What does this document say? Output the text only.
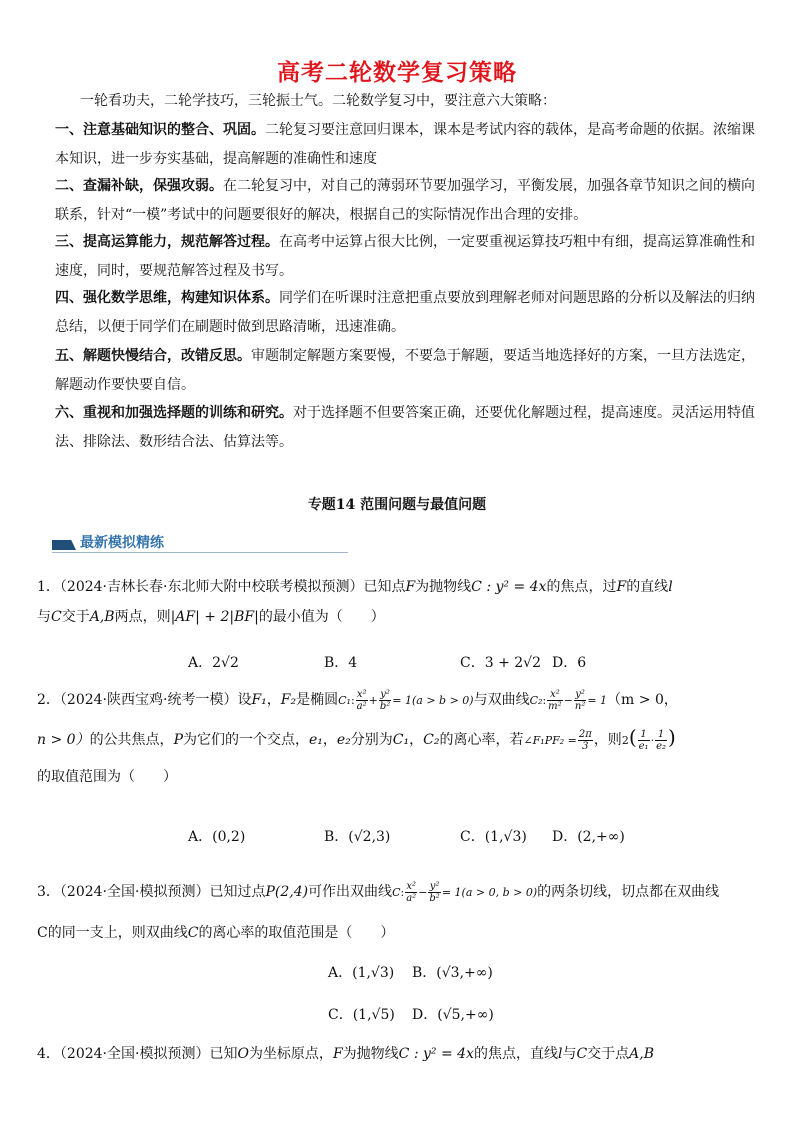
高考二轮数学复习策略
一轮看功夫，二轮学技巧，三轮振士气。二轮数学复习中，要注意六大策略：
一、注意基础知识的整合、巩固。二轮复习要注意回归课本，课本是考试内容的载体，是高考命题的依据。浓缩课本知识，进一步夯实基础，提高解题的准确性和速度
二、查漏补缺，保强攻弱。在二轮复习中，对自己的薄弱环节要加强学习，平衡发展，加强各章节知识之间的横向联系，针对“一模”考试中的问题要很好的解决，根据自己的实际情况作出合理的安排。
三、提高运算能力，规范解答过程。在高考中运算占很大比例，一定要重视运算技巧粗中有细，提高运算准确性和速度，同时，要规范解答过程及书写。
四、强化数学思维，构建知识体系。同学们在听课时注意把重点要放到理解老师对问题思路的分析以及解法的归纳总结，以便于同学们在刷题时做到思路清晰，迅速准确。
五、解题快慢结合，改错反思。审题制定解题方案要慢，不要急于解题，要适当地选择好的方案，一旦方法选定，解题动作要快要自信。
六、重视和加强选择题的训练和研究。对于选择题不但要答案正确，还要优化解题过程，提高速度。灵活运用特值法、排除法、数形结合法、估算法等。
专题14 范围问题与最值问题
最新模拟精练
1．（2024·吉林长春·东北师大附中校联考模拟预测）已知点F为抛物线C : y² = 4x的焦点，过F的直线l
与C交于A,B两点，则|AF| + 2|BF|的最小值为（　　）
A．2√2	B．4	C．3 + 2√2 D．6
2．（2024·陕西宝鸡·统考一模）设F₁，F₂是椭圆C₁: $\frac{\text{x²}}{\text{a²}} + \frac{\text{y²}}{\text{b²}} = 1(a > b > 0)$与双曲线C₂: $\frac{\text{x²}}{\text{m²}} - \frac{\text{y²}}{\text{n²}} = 1(m > 0$，
n > 0）的公共焦点，P为它们的一个交点，e₁，e₂分别为C₁，C₂的离心率，若∠F₁PF₂ = $\frac{2\pi}{3}$ ，则$2( \frac{1}{\text{e₁}} \cdot \frac{1}{\text{e₂}}$ )
的取值范围为（　　）
A．(0,2)	B．(√2,3)	C．(1,√3) D．(2,+∞)
3．（2024·全国·模拟预测）已知过点P(2,4)可作出双曲线C: $\frac{\text{x²}}{\text{a²}} - \frac{\text{y²}}{\text{b²}} = 1(a > 0$, b > 0)的两条切线，切点都在双曲线
C的同一支上，则双曲线C的离心率的取值范围是（　　）
A．(1,√3) B．(√3,+∞)
C．(1,√5) D．(√5,+∞)
4．（2024·全国·模拟预测）已知O为坐标原点，F为抛物线C : y² = 4x的焦点，直线l与C交于点A,B
